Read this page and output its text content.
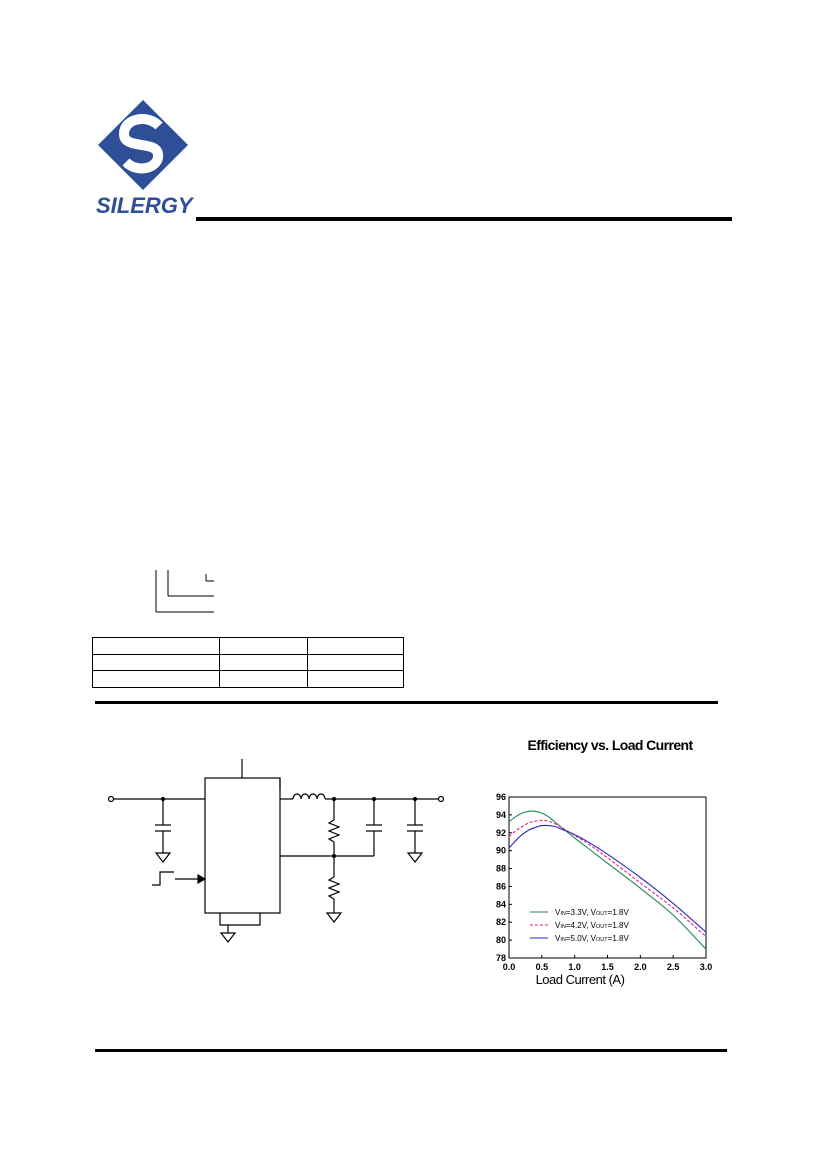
SILERGY

Efficiency vs. Load Current
78
80
82
84
86
88
90
92
94
96
0.0 0.5 1.0 1.5 2.0 2.5 3.0
VIN=3.3V, VOUT=1.8V
VIN=4.2V, VOUT=1.8V
VIN=5.0V, VOUT=1.8V
Load Current (A)
